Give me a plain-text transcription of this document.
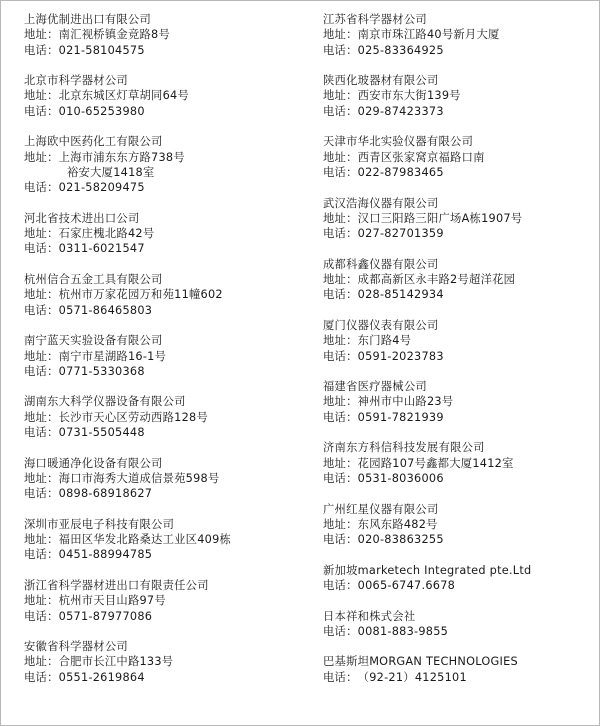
上海优制进出口有限公司
地址：南汇视桥镇金竞路8号
电话：021-58104575
北京市科学器材公司
地址：北京东城区灯草胡同64号
电话：010-65253980
上海欧中医药化工有限公司
地址：上海市浦东东方路738号
裕安大厦1418室
电话：021-58209475
河北省技术进出口公司
地址：石家庄槐北路42号
电话：0311-6021547
杭州信合五金工具有限公司
地址：杭州市万家花园万和苑11幢602
电话：0571-86465803
南宁蓝天实验设备有限公司
地址：南宁市星湖路16-1号
电话：0771-5330368
湖南东大科学仪器设备有限公司
地址：长沙市天心区劳动西路128号
电话：0731-5505448
海口暖通净化设备有限公司
地址：海口市海秀大道成信景苑598号
电话：0898-68918627
深圳市亚辰电子科技有限公司
地址：福田区华发北路桑达工业区409栋
电话：0451-88994785
浙江省科学器材进出口有限责任公司
地址：杭州市天目山路97号
电话：0571-87977086
安徽省科学器材公司
地址：合肥市长江中路133号
电话：0551-2619864
江苏省科学器材公司
地址：南京市珠江路40号新月大厦
电话：025-83364925
陕西化玻器材有限公司
地址：西安市东大街139号
电话：029-87423373
天津市华北实验仪器有限公司
地址：西青区张家窝京福路口南
电话：022-87983465
武汉浩海仪器有限公司
地址：汉口三阳路三阳广场A栋1907号
电话：027-82701359
成都科鑫仪器有限公司
地址：成都高新区永丰路2号超洋花园
电话：028-85142934
厦门仪器仪表有限公司
地址：东门路4号
电话：0591-2023783
福建省医疗器械公司
地址：神州市中山路23号
电话：0591-7821939
济南东方科信科技发展有限公司
地址：花园路107号鑫都大厦1412室
电话：0531-8036006
广州红星仪器有限公司
地址：东风东路482号
电话：020-83863255
新加坡marketech Integrated pte.Ltd
电话：0065-6747.6678
日本祥和株式会社
电话：0081-883-9855
巴基斯坦MORGAN TECHNOLOGIES
电话：（92-21）4125101
